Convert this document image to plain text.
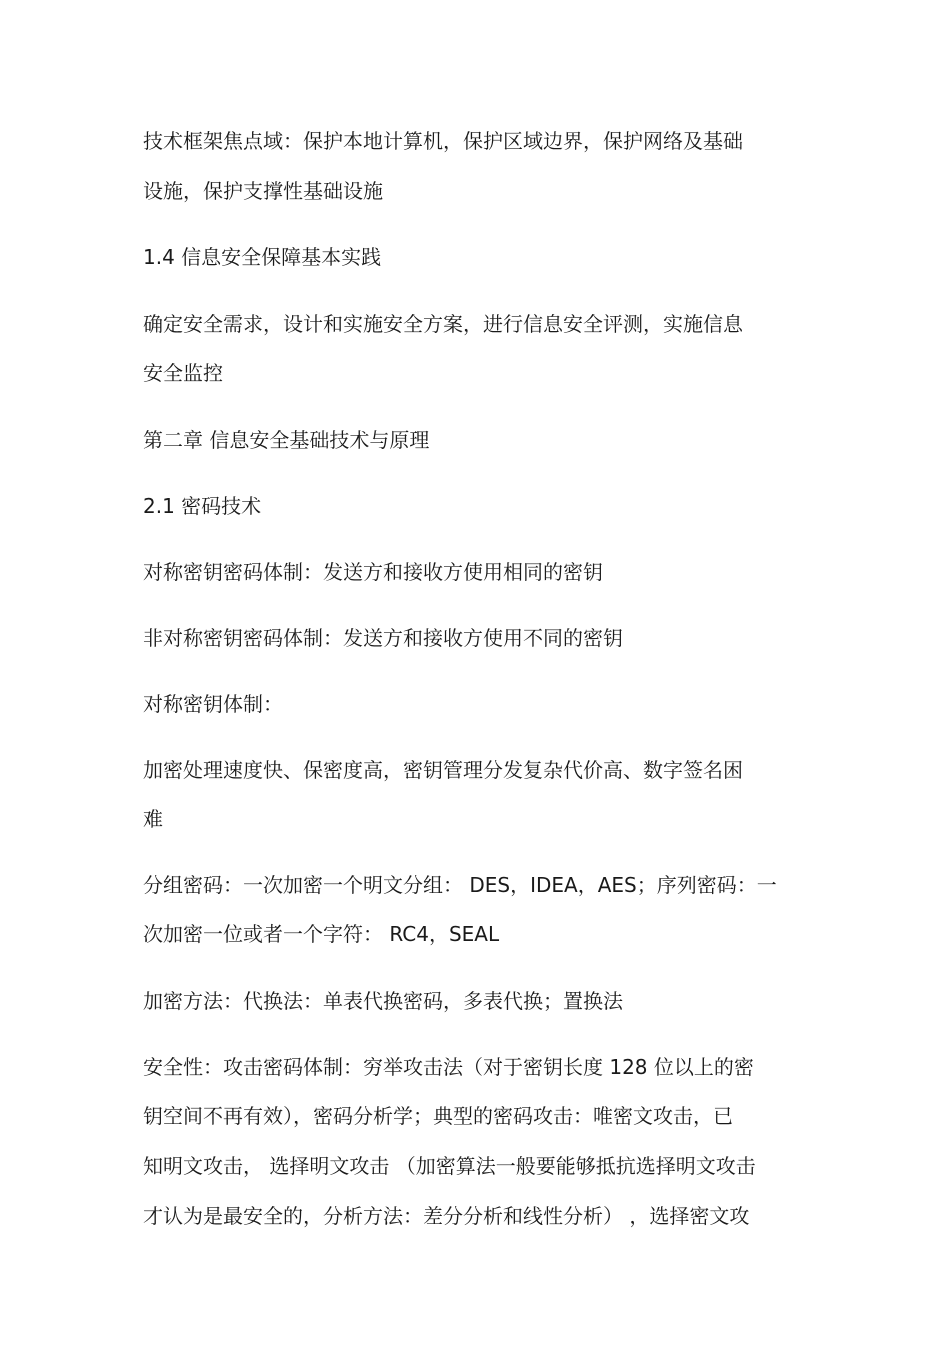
技术框架焦点域：保护本地计算机，保护区域边界，保护网络及基础
设施，保护支撑性基础设施
1.4 信息安全保障基本实践
确定安全需求，设计和实施安全方案，进行信息安全评测，实施信息
安全监控
第二章 信息安全基础技术与原理
2.1 密码技术
对称密钥密码体制：发送方和接收方使用相同的密钥
非对称密钥密码体制：发送方和接收方使用不同的密钥
对称密钥体制：
加密处理速度快、保密度高，密钥管理分发复杂代价高、数字签名困
难
分组密码：一次加密一个明文分组： DES，IDEA，AES；序列密码：一
次加密一位或者一个字符： RC4，SEAL
加密方法：代换法：单表代换密码，多表代换；置换法
安全性：攻击密码体制：穷举攻击法（对于密钥长度 128 位以上的密
钥空间不再有效），密码分析学；典型的密码攻击：唯密文攻击，已
知明文攻击， 选择明文攻击 （加密算法一般要能够抵抗选择明文攻击
才认为是最安全的，分析方法：差分分析和线性分析） ，选择密文攻
